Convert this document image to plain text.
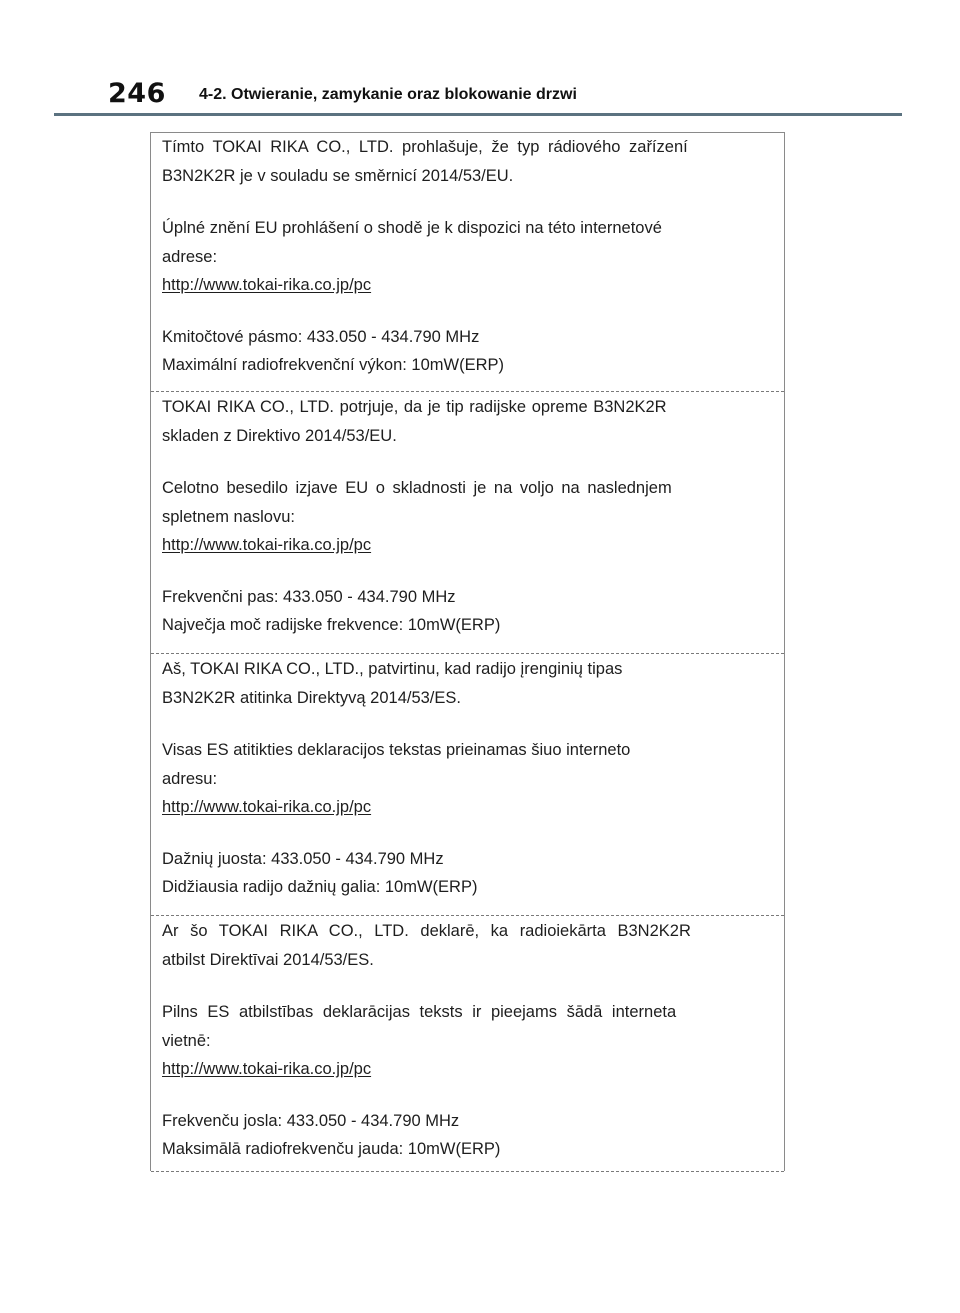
246 4-2. Otwieranie, zamykanie oraz blokowanie drzwi

Tímto TOKAI RIKA CO., LTD. prohlašuje, že typ rádiového zařízení
B3N2K2R je v souladu se směrnicí 2014/53/EU.

Úplné znění EU prohlášení o shodě je k dispozici na této internetové
adrese:

http://www.tokai-rika.co.jp/pc
Kmitočtové pásmo: 433.050 - 434.790 MHz
Maximální radiofrekvenční výkon: 10mW(ERP)

TOKAI RIKA CO., LTD. potrjuje, da je tip radijske opreme B3N2K2R
skladen z Direktivo 2014/53/EU.

Celotno besedilo izjave EU o skladnosti je na voljo na naslednjem
spletnem naslovu:

http://www.tokai-rika.co.jp/pc
Frekvenčni pas: 433.050 - 434.790 MHz
Največja moč radijske frekvence: 10mW(ERP)

Aš, TOKAI RIKA CO., LTD., patvirtinu, kad radijo įrenginių tipas
B3N2K2R atitinka Direktyvą 2014/53/ES.

Visas ES atitikties deklaracijos tekstas prieinamas šiuo interneto
adresu:

http://www.tokai-rika.co.jp/pc
Dažnių juosta: 433.050 - 434.790 MHz
Didžiausia radijo dažnių galia: 10mW(ERP)

Ar šo TOKAI RIKA CO., LTD. deklarē, ka radioiekārta B3N2K2R
atbilst Direktīvai 2014/53/ES.

Pilns ES atbilstības deklarācijas teksts ir pieejams šādā interneta
vietnē:

http://www.tokai-rika.co.jp/pc
Frekvenču josla: 433.050 - 434.790 MHz
Maksimālā radiofrekvenču jauda: 10mW(ERP)
